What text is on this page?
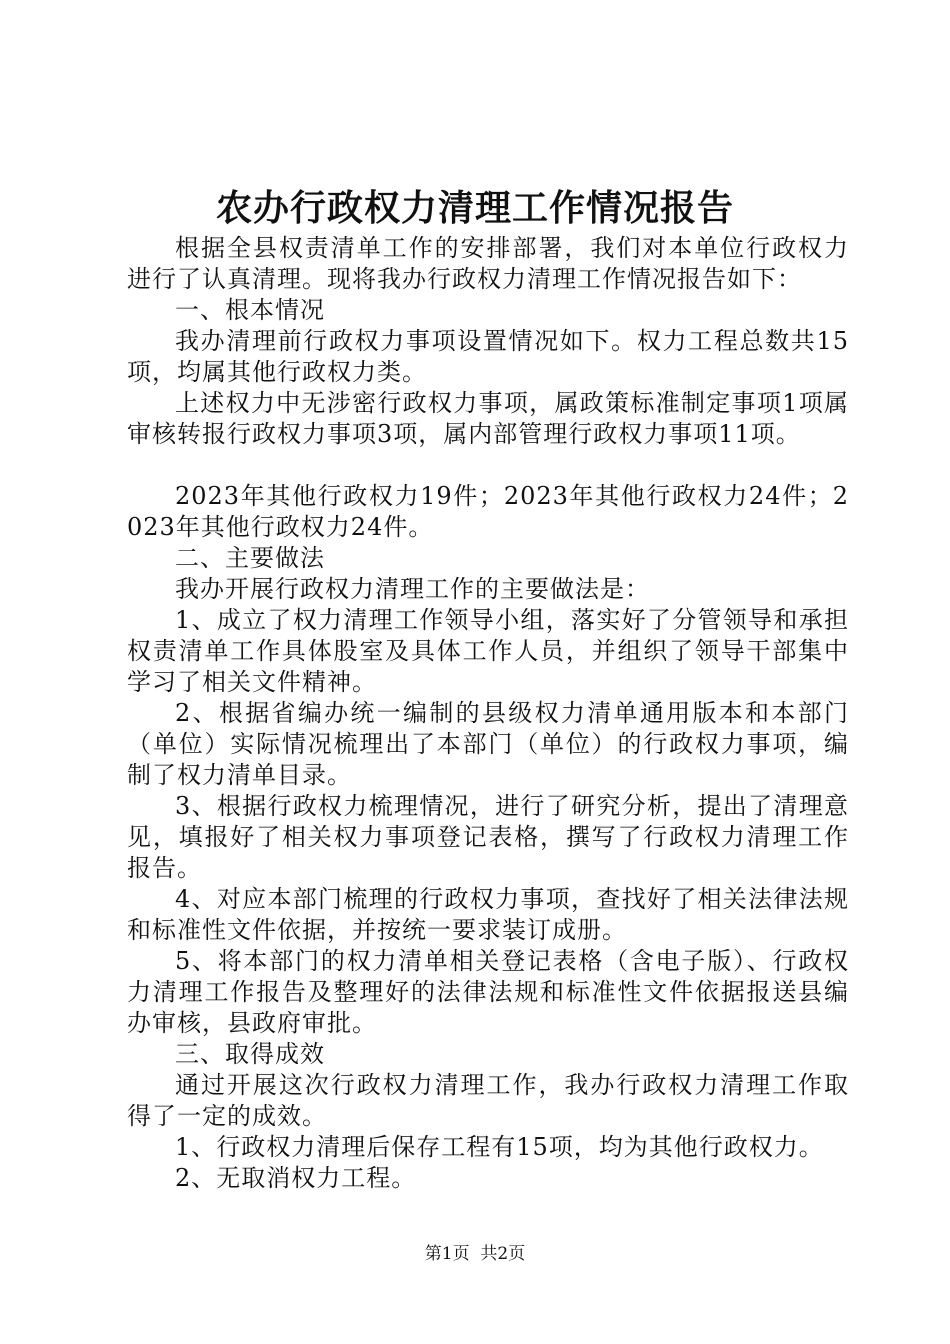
农办行政权力清理工作情况报告

根据全县权责清单工作的安排部署，我们对本单位行政权力进行了认真清理。现将我办行政权力清理工作情况报告如下：

一、根本情况

我办清理前行政权力事项设置情况如下。权力工程总数共15项，均属其他行政权力类。

上述权力中无涉密行政权力事项，属政策标准制定事项1项属审核转报行政权力事项3项，属内部管理行政权力事项11项。

2023年其他行政权力19件；2023年其他行政权力24件；2023年其他行政权力24件。

二、主要做法

我办开展行政权力清理工作的主要做法是：

1、成立了权力清理工作领导小组，落实好了分管领导和承担权责清单工作具体股室及具体工作人员，并组织了领导干部集中学习了相关文件精神。

2、根据省编办统一编制的县级权力清单通用版本和本部门（单位）实际情况梳理出了本部门（单位）的行政权力事项，编制了权力清单目录。

3、根据行政权力梳理情况，进行了研究分析，提出了清理意见，填报好了相关权力事项登记表格，撰写了行政权力清理工作报告。

4、对应本部门梳理的行政权力事项，查找好了相关法律法规和标准性文件依据，并按统一要求装订成册。

5、将本部门的权力清单相关登记表格（含电子版）、行政权力清理工作报告及整理好的法律法规和标准性文件依据报送县编办审核，县政府审批。

三、取得成效

通过开展这次行政权力清理工作，我办行政权力清理工作取得了一定的成效。

1、行政权力清理后保存工程有15项，均为其他行政权力。

2、无取消权力工程。

第1页 共2页
